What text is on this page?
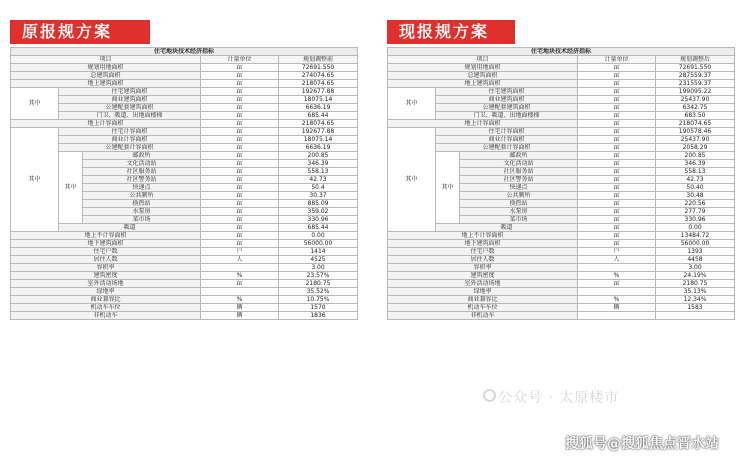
原报规方案
住宅地块技术经济指标				
项目			计量单位	规划调整前
规划用地面积			㎡	72691.550
总建筑面积			㎡	274074.65
地上建筑面积			㎡	218074.65
其中	住宅建筑面积		㎡	192677.88
	商业建筑面积		㎡	18075.14
	公建配套建筑面积		㎡	6636.19
	门卫、吸道、出地面楼梯		㎡	685.44
地上计容面积			㎡	218074.65
其中	住宅计容面积		㎡	192677.88
	商业计容面积		㎡	18075.14
	公建配套计容面积		㎡	6636.19
	其中	邮政所	㎡	200.85
		文化活动站	㎡	346.39
		社区服务站	㎡	558.13
		社区警务站	㎡	42.73
		快递点	㎡	50.4
		公共厕所	㎡	30.37
		换热站	㎡	885.09
		水泵房	㎡	359.02
		菜市场	㎡	330.96
	吸道		㎡	685.44
地上不计容面积			㎡	0.00
地下建筑面积			㎡	56000.00
住宅户数			户	1414
居住人数			人	4525
容积率				3.00
建筑密度			%	23.57%
室外活动场地			㎡	2180.75
绿地率				35.52%
商业兼容比			%	10.75%
机动车车位			辆	1570
非机动车			辆	1836
现报规方案
住宅地块技术经济指标				
项目			计量单位	规划调整后
规划用地面积			㎡	72691.550
总建筑面积			㎡	287559.37
地上建筑面积			㎡	231559.37
其中	住宅建筑面积		㎡	199095.22
	商业建筑面积		㎡	25437.90
	公建配套建筑面积		㎡	6342.75
	门卫、吸道、出地面楼梯		㎡	683.50
地上计容面积			㎡	218074.65
其中	住宅计容面积		㎡	190578.46
	商业计容面积		㎡	25437.90
	公建配套计容面积		㎡	2058.29
	其中	邮政所	㎡	200.85
		文化活动站	㎡	346.39
		社区服务站	㎡	558.13
		社区警务站	㎡	42.73
		快递点	㎡	50.40
		公共厕所	㎡	30.48
		换热站	㎡	220.56
		水泵房	㎡	277.79
		菜市场	㎡	330.96
	吸道		㎡	0.00
地上不计容面积			㎡	13484.72
地下建筑面积			㎡	56000.00
住宅户数			户	1393
居住人数			人	4458
容积率				3.00
建筑密度			%	24.19%
室外活动场地			㎡	2180.75
绿地率				35.13%
商业兼容比			%	12.34%
机动车车位			辆	1583
非机动车				
公众号 · 太原楼市
搜狐号@搜狐焦点晋水站
